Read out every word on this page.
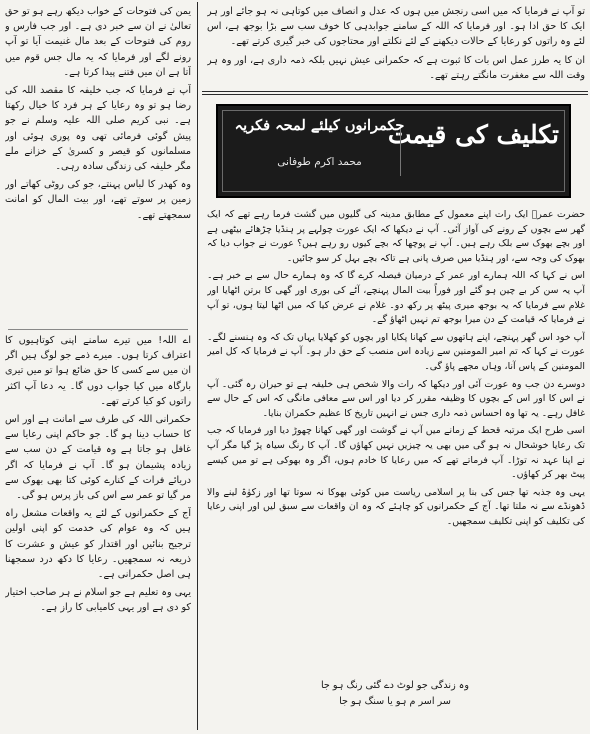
تو آپ نے فرمایا کہ میں اسی رنجش میں ہوں کہ عدل و انصاف میں کوتاہی نہ ہو جائے اور ہر ایک کا حق ادا ہو۔ اور فرمایا کہ اللہ کے سامنے جوابدہی کا خوف سب سے بڑا بوجھ ہے، اس لئے وہ راتوں کو رعایا کے حالات دیکھنے کے لئے نکلتے اور محتاجوں کی خبر گیری کرتے تھے۔

ان کا یہ طرز عمل اس بات کا ثبوت ہے کہ حکمرانی عیش نہیں بلکہ ذمہ داری ہے، اور وہ ہر وقت اللہ سے مغفرت مانگتے رہتے تھے۔

یمن کی فتوحات کے خواب دیکھ رہے ہو تو حق تعالیٰ نے ان سے خبر دی ہے۔ اور جب فارس و روم کی فتوحات کے بعد مال غنیمت آیا تو آپ رونے لگے اور فرمایا کہ یہ مال جس قوم میں آتا ہے ان میں فتنے پیدا کرتا ہے۔

آپ نے فرمایا کہ جب خلیفہ کا مقصد اللہ کی رضا ہو تو وہ رعایا کے ہر فرد کا خیال رکھتا ہے۔ نبی کریم صلی اللہ علیہ وسلم نے جو پیش گوئی فرمائی تھی وہ پوری ہوئی اور مسلمانوں کو قیصر و کسریٰ کے خزانے ملے مگر خلیفہ کی زندگی سادہ رہی۔

وہ کھدر کا لباس پہنتے، جو کی روٹی کھاتے اور زمین پر سوتے تھے، اور بیت المال کو امانت سمجھتے تھے۔

اے اللہ! میں تیرے سامنے اپنی کوتاہیوں کا اعتراف کرتا ہوں۔ میرے ذمے جو لوگ ہیں اگر ان میں سے کسی کا حق ضائع ہوا تو میں تیری بارگاہ میں کیا جواب دوں گا۔ یہ دعا آپ اکثر راتوں کو کیا کرتے تھے۔

حکمرانی اللہ کی طرف سے امانت ہے اور اس کا حساب دینا ہو گا۔ جو حاکم اپنی رعایا سے غافل ہو جاتا ہے وہ قیامت کے دن سب سے زیادہ پشیمان ہو گا۔ آپ نے فرمایا کہ اگر دریائے فرات کے کنارے کوئی کتا بھی بھوک سے مر گیا تو عمر سے اس کی باز پرس ہو گی۔

آج کے حکمرانوں کے لئے یہ واقعات مشعل راہ ہیں کہ وہ عوام کی خدمت کو اپنی اولین ترجیح بنائیں اور اقتدار کو عیش و عشرت کا ذریعہ نہ سمجھیں۔ رعایا کا دکھ درد سمجھنا ہی اصل حکمرانی ہے۔

یہی وہ تعلیم ہے جو اسلام نے ہر صاحب اختیار کو دی ہے اور یہی کامیابی کا راز ہے۔

تکلیف کی قیمت
حکمرانوں کیلئے لمحہ فکریہ
محمد اکرم طوفانی

حضرت عمرؓ ایک رات اپنے معمول کے مطابق مدینہ کی گلیوں میں گشت فرما رہے تھے کہ ایک گھر سے بچوں کے رونے کی آواز آئی۔ آپ نے دیکھا کہ ایک عورت چولہے پر ہنڈیا چڑھائے بیٹھی ہے اور بچے بھوک سے بلک رہے ہیں۔ آپ نے پوچھا کہ بچے کیوں رو رہے ہیں؟ عورت نے جواب دیا کہ بھوک کی وجہ سے، اور ہنڈیا میں صرف پانی ہے تاکہ بچے بہل کر سو جائیں۔

اس نے کہا کہ اللہ ہمارے اور عمر کے درمیان فیصلہ کرے گا کہ وہ ہمارے حال سے بے خبر ہے۔ آپ یہ سن کر بے چین ہو گئے اور فوراً بیت المال پہنچے، آٹے کی بوری اور گھی کا برتن اٹھایا اور غلام سے فرمایا کہ یہ بوجھ میری پیٹھ پر رکھ دو۔ غلام نے عرض کیا کہ میں اٹھا لیتا ہوں، تو آپ نے فرمایا کہ قیامت کے دن میرا بوجھ تم نہیں اٹھاؤ گے۔

آپ خود اس گھر پہنچے، اپنے ہاتھوں سے کھانا پکایا اور بچوں کو کھلایا یہاں تک کہ وہ ہنسنے لگے۔ عورت نے کہا کہ تم امیر المومنین سے زیادہ اس منصب کے حق دار ہو۔ آپ نے فرمایا کہ کل امیر المومنین کے پاس آنا، وہاں مجھے پاؤ گی۔

دوسرے دن جب وہ عورت آئی اور دیکھا کہ رات والا شخص ہی خلیفہ ہے تو حیران رہ گئی۔ آپ نے اس کا اور اس کے بچوں کا وظیفہ مقرر کر دیا اور اس سے معافی مانگی کہ اس کے حال سے غافل رہے۔ یہ تھا وہ احساس ذمہ داری جس نے انہیں تاریخ کا عظیم حکمران بنایا۔

اسی طرح ایک مرتبہ قحط کے زمانے میں آپ نے گوشت اور گھی کھانا چھوڑ دیا اور فرمایا کہ جب تک رعایا خوشحال نہ ہو گی میں بھی یہ چیزیں نہیں کھاؤں گا۔ آپ کا رنگ سیاہ پڑ گیا مگر آپ نے اپنا عہد نہ توڑا۔ آپ فرماتے تھے کہ میں رعایا کا خادم ہوں، اگر وہ بھوکی ہے تو میں کیسے پیٹ بھر کر کھاؤں۔

یہی وہ جذبہ تھا جس کی بنا پر اسلامی ریاست میں کوئی بھوکا نہ سوتا تھا اور زکوٰۃ لینے والا ڈھونڈے سے نہ ملتا تھا۔ آج کے حکمرانوں کو چاہئے کہ وہ ان واقعات سے سبق لیں اور اپنی رعایا کی تکلیف کو اپنی تکلیف سمجھیں۔

وہ زندگی جو لوٹ دے گئی رنگ ہو جا
سر اسر م ہو یا سنگ ہو جا
